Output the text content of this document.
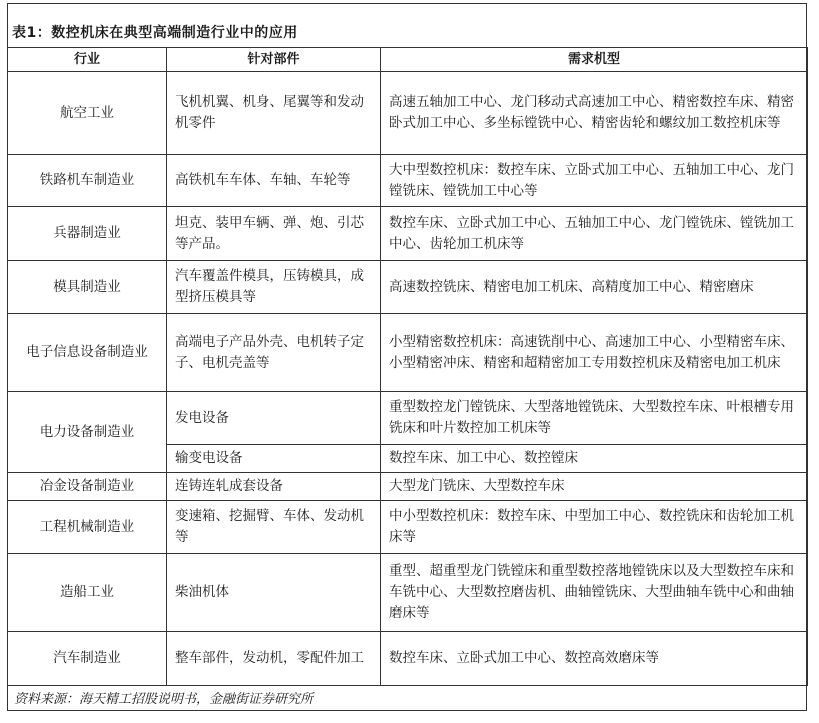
表1：数控机床在典型高端制造行业中的应用
行业	针对部件	需求机型
航空工业	飞机机翼、机身、尾翼等和发动机零件	高速五轴加工中心、龙门移动式高速加工中心、精密数控车床、精密卧式加工中心、多坐标镗铣中心、精密齿轮和螺纹加工数控机床等
铁路机车制造业	高铁机车车体、车轴、车轮等	大中型数控机床：数控车床、立卧式加工中心、五轴加工中心、龙门镗铣床、镗铣加工中心等
兵器制造业	坦克、装甲车辆、弹、炮、引芯等产品。	数控车床、立卧式加工中心、五轴加工中心、龙门镗铣床、镗铣加工中心、齿轮加工机床等
模具制造业	汽车覆盖件模具，压铸模具，成型挤压模具等	高速数控铣床、精密电加工机床、高精度加工中心、精密磨床
电子信息设备制造业	高端电子产品外壳、电机转子定子、电机壳盖等	小型精密数控机床：高速铣削中心、高速加工中心、小型精密车床、小型精密冲床、精密和超精密加工专用数控机床及精密电加工机床
电力设备制造业	发电设备	重型数控龙门镗铣床、大型落地镗铣床、大型数控车床、叶根槽专用铣床和叶片数控加工机床等
	输变电设备	数控车床、加工中心、数控镗床
冶金设备制造业	连铸连轧成套设备	大型龙门铣床、大型数控车床
工程机械制造业	变速箱、挖掘臂、车体、发动机等	中小型数控机床：数控车床、中型加工中心、数控铣床和齿轮加工机床等
造船工业	柴油机体	重型、超重型龙门铣镗床和重型数控落地镗铣床以及大型数控车床和车铣中心、大型数控磨齿机、曲轴镗铣床、大型曲轴车铣中心和曲轴磨床等
汽车制造业	整车部件，发动机，零配件加工	数控车床、立卧式加工中心、数控高效磨床等
资料来源：海天精工招股说明书，金融街证券研究所
